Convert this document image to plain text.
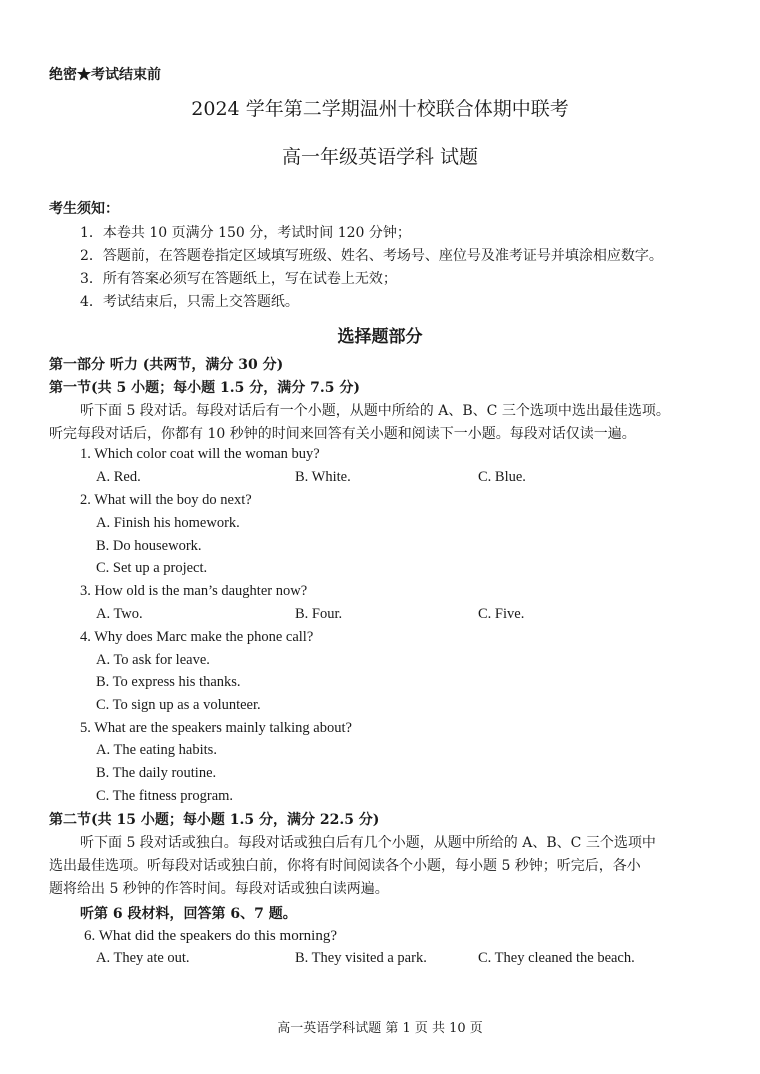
绝密★考试结束前
2024 学年第二学期温州十校联合体期中联考
高一年级英语学科 试题
考生须知：
1．本卷共 10 页满分 150 分，考试时间 120 分钟；
2．答题前，在答题卷指定区域填写班级、姓名、考场号、座位号及准考证号并填涂相应数字。
3．所有答案必须写在答题纸上，写在试卷上无效；
4．考试结束后，只需上交答题纸。
选择题部分
第一部分 听力 (共两节，满分 30 分)
第一节(共 5 小题；每小题 1.5 分，满分 7.5 分)
听下面 5 段对话。每段对话后有一个小题，从题中所给的 A、B、C 三个选项中选出最佳选项。
听完每段对话后，你都有 10 秒钟的时间来回答有关小题和阅读下一小题。每段对话仅读一遍。
1. Which color coat will the woman buy?
A. Red.	B. White.	C. Blue.
2. What will the boy do next?
A. Finish his homework.
B. Do housework.
C. Set up a project.
3. How old is the man’s daughter now?
A. Two.	B. Four.	C. Five.
4. Why does Marc make the phone call?
A. To ask for leave.
B. To express his thanks.
C. To sign up as a volunteer.
5. What are the speakers mainly talking about?
A. The eating habits.
B. The daily routine.
C. The fitness program.
第二节(共 15 小题；每小题 1.5 分，满分 22.5 分)
听下面 5 段对话或独白。每段对话或独白后有几个小题，从题中所给的 A、B、C 三个选项中
选出最佳选项。听每段对话或独白前，你将有时间阅读各个小题，每小题 5 秒钟；听完后，各小
题将给出 5 秒钟的作答时间。每段对话或独白读两遍。
听第 6 段材料，回答第 6、7 题。
6. What did the speakers do this morning?
A. They ate out.	B. They visited a park.	C. They cleaned the beach.
高一英语学科试题 第 1 页 共 10 页
